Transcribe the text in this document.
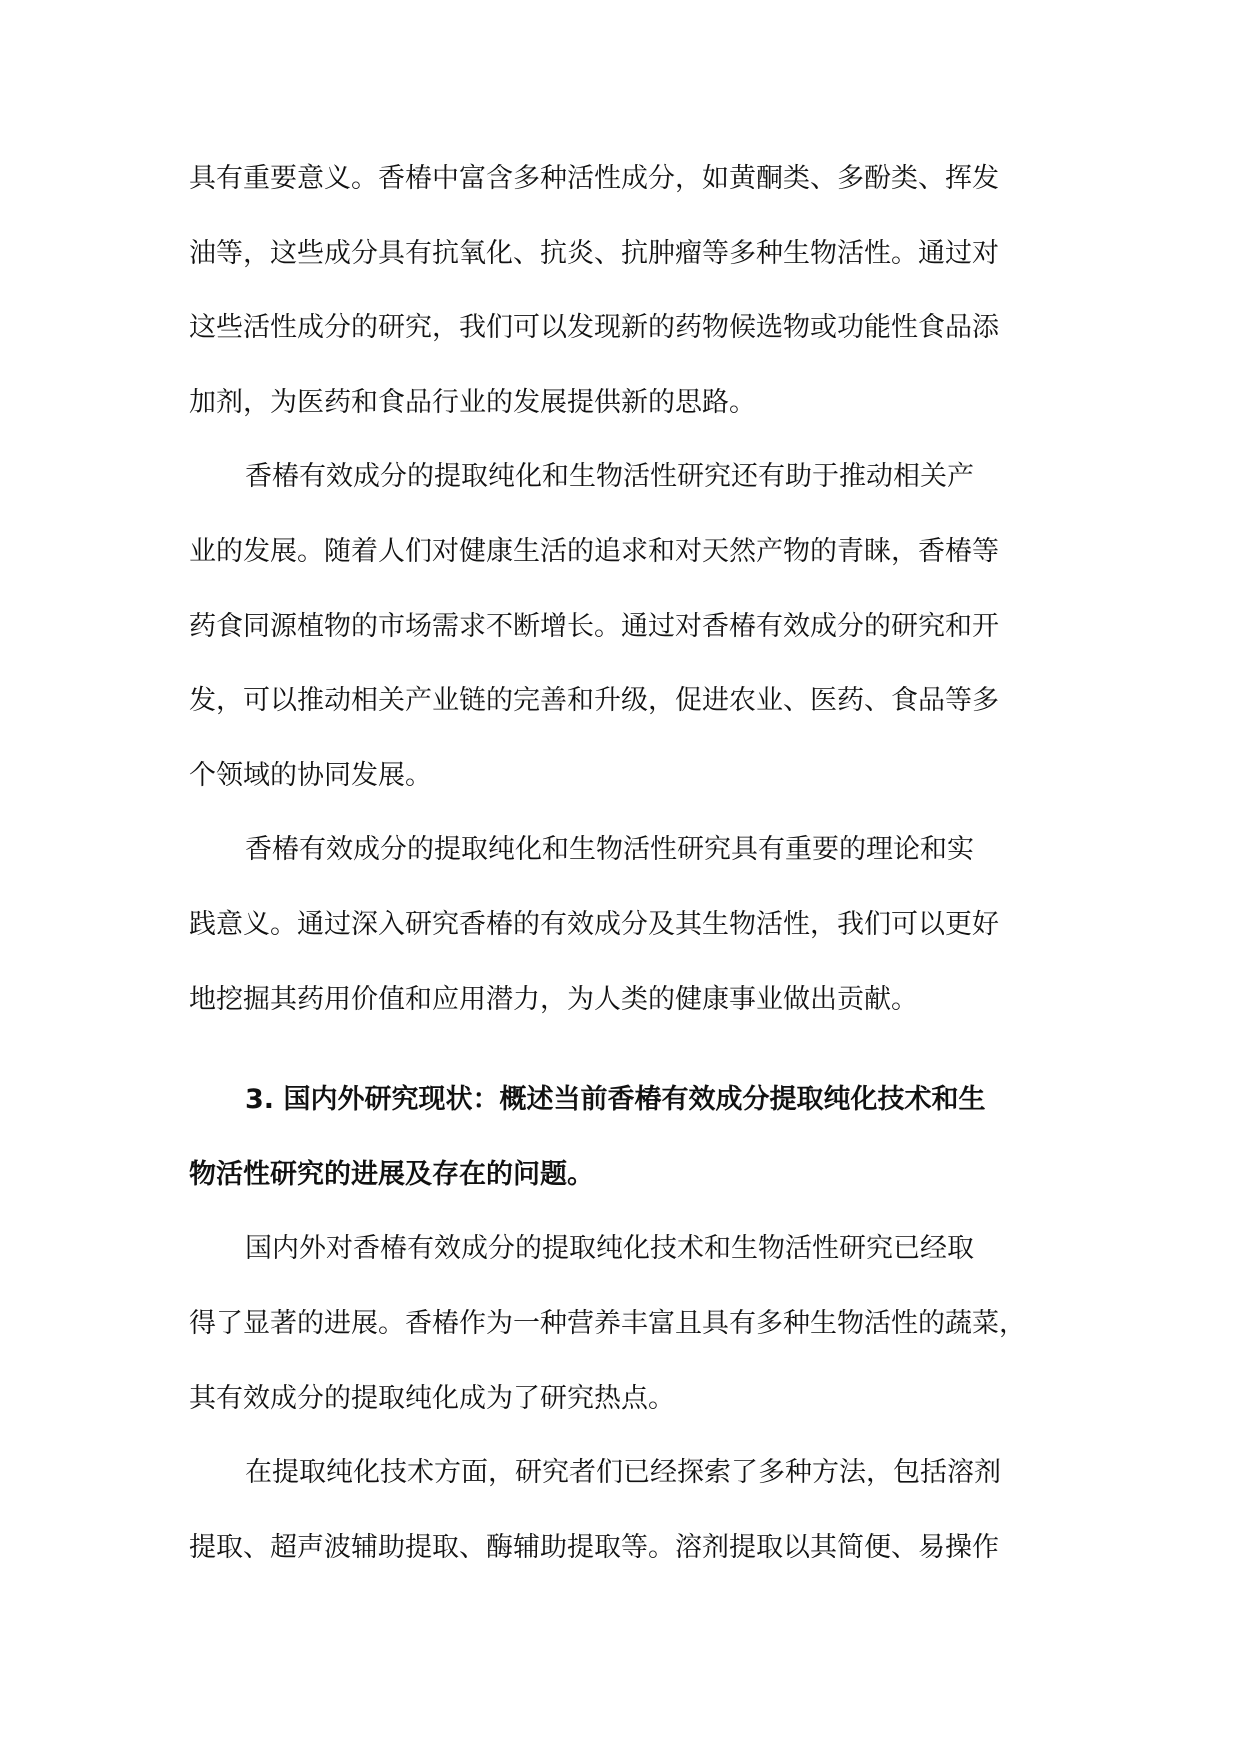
具有重要意义。香椿中富含多种活性成分，如黄酮类、多酚类、挥发
油等，这些成分具有抗氧化、抗炎、抗肿瘤等多种生物活性。通过对
这些活性成分的研究，我们可以发现新的药物候选物或功能性食品添
加剂，为医药和食品行业的发展提供新的思路。

香椿有效成分的提取纯化和生物活性研究还有助于推动相关产
业的发展。随着人们对健康生活的追求和对天然产物的青睐，香椿等
药食同源植物的市场需求不断增长。通过对香椿有效成分的研究和开
发，可以推动相关产业链的完善和升级，促进农业、医药、食品等多
个领域的协同发展。

香椿有效成分的提取纯化和生物活性研究具有重要的理论和实
践意义。通过深入研究香椿的有效成分及其生物活性，我们可以更好
地挖掘其药用价值和应用潜力，为人类的健康事业做出贡献。

3. 国内外研究现状：概述当前香椿有效成分提取纯化技术和生
物活性研究的进展及存在的问题。

国内外对香椿有效成分的提取纯化技术和生物活性研究已经取
得了显著的进展。香椿作为一种营养丰富且具有多种生物活性的蔬菜，
其有效成分的提取纯化成为了研究热点。

在提取纯化技术方面，研究者们已经探索了多种方法，包括溶剂
提取、超声波辅助提取、酶辅助提取等。溶剂提取以其简便、易操作
